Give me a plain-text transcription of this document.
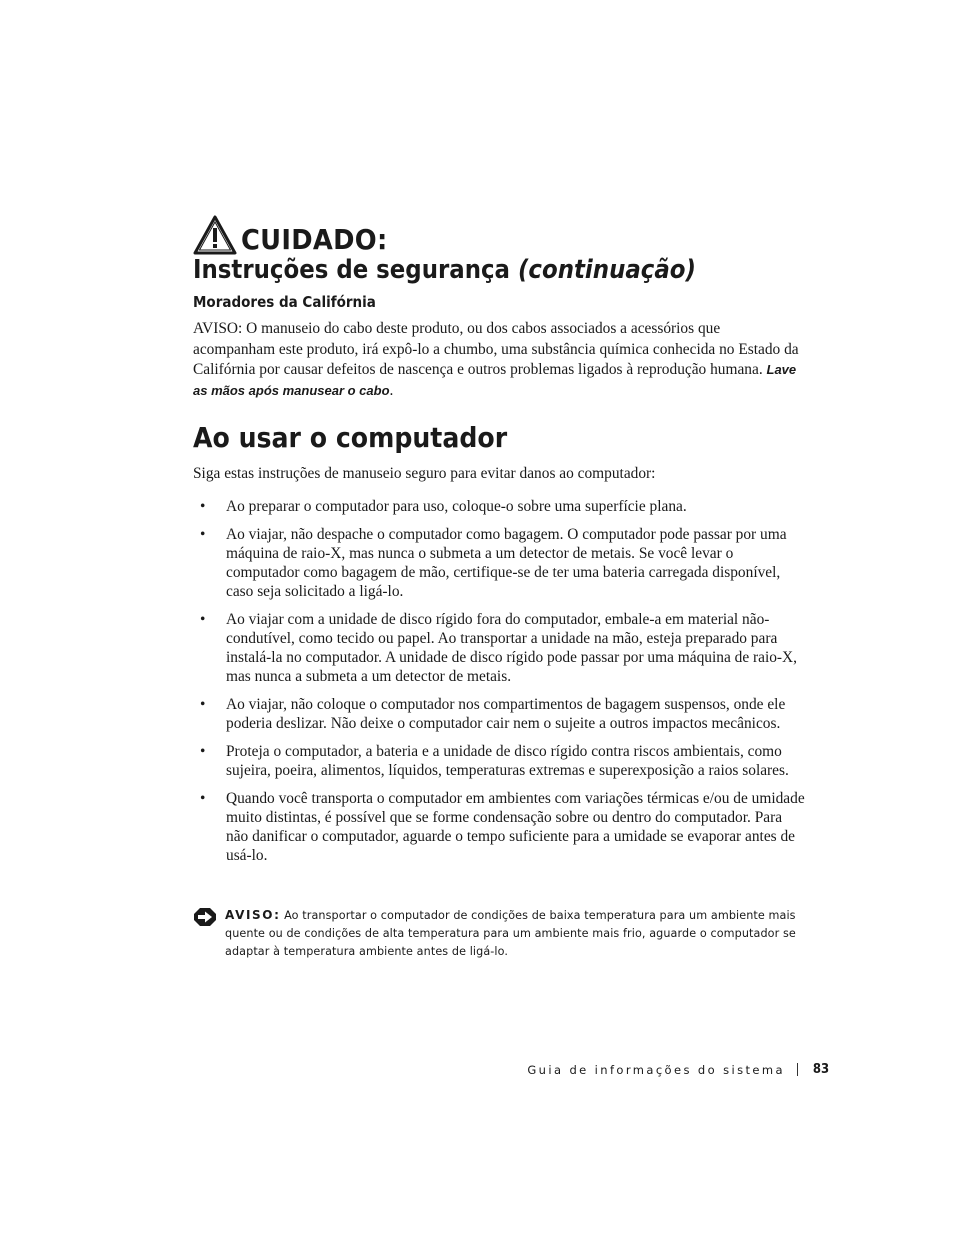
CUIDADO:
Instruções de segurança (continuação)
Moradores da Califórnia
AVISO: O manuseio do cabo deste produto, ou dos cabos associados a acessórios que acompanham este produto, irá expô-lo a chumbo, uma substância química conhecida no Estado da Califórnia por causar defeitos de nascença e outros problemas ligados à reprodução humana. Lave as mãos após manusear o cabo.
Ao usar o computador
Siga estas instruções de manuseio seguro para evitar danos ao computador:
• Ao preparar o computador para uso, coloque-o sobre uma superfície plana.
• Ao viajar, não despache o computador como bagagem. O computador pode passar por uma máquina de raio-X, mas nunca o submeta a um detector de metais. Se você levar o computador como bagagem de mão, certifique-se de ter uma bateria carregada disponível, caso seja solicitado a ligá-lo.
• Ao viajar com a unidade de disco rígido fora do computador, embale-a em material não-condutível, como tecido ou papel. Ao transportar a unidade na mão, esteja preparado para instalá-la no computador. A unidade de disco rígido pode passar por uma máquina de raio-X, mas nunca a submeta a um detector de metais.
• Ao viajar, não coloque o computador nos compartimentos de bagagem suspensos, onde ele poderia deslizar. Não deixe o computador cair nem o sujeite a outros impactos mecânicos.
• Proteja o computador, a bateria e a unidade de disco rígido contra riscos ambientais, como sujeira, poeira, alimentos, líquidos, temperaturas extremas e superexposição a raios solares.
• Quando você transporta o computador em ambientes com variações térmicas e/ou de umidade muito distintas, é possível que se forme condensação sobre ou dentro do computador. Para não danificar o computador, aguarde o tempo suficiente para a umidade se evaporar antes de usá-lo.
AVISO: Ao transportar o computador de condições de baixa temperatura para um ambiente mais quente ou de condições de alta temperatura para um ambiente mais frio, aguarde o computador se adaptar à temperatura ambiente antes de ligá-lo.
Guia de informações do sistema 83
